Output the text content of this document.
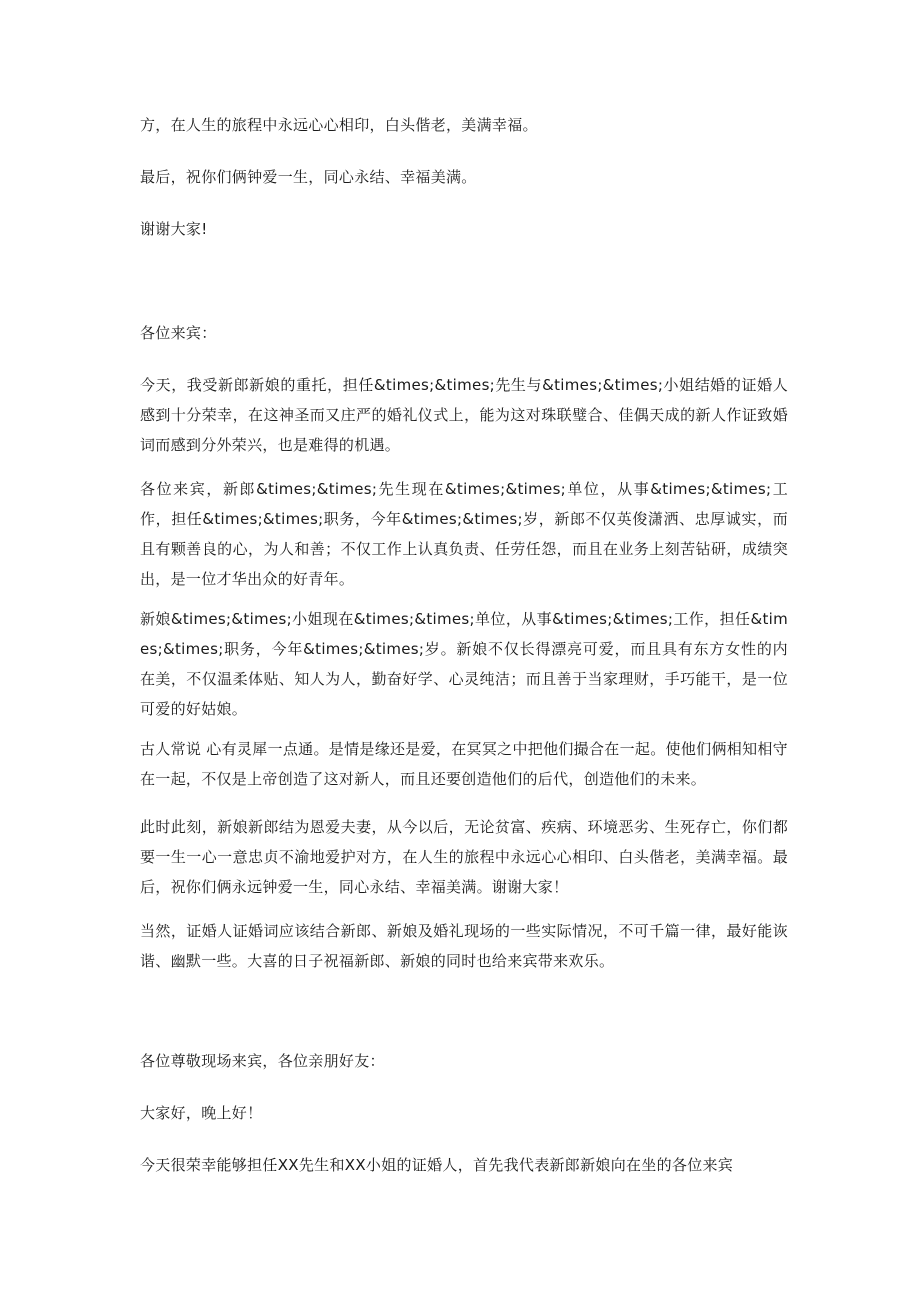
方，在人生的旅程中永远心心相印，白头偕老，美满幸福。

最后，祝你们俩钟爱一生，同心永结、幸福美满。

谢谢大家!

各位来宾：

今天，我受新郎新娘的重托，担任&times;&times;先生与&times;&times;小姐结婚的证婚人感到十分荣幸，在这神圣而又庄严的婚礼仪式上，能为这对珠联璧合、佳偶天成的新人作证致婚词而感到分外荣兴，也是难得的机遇。

各位来宾，新郎&times;&times;先生现在&times;&times;单位，从事&times;&times;工作，担任&times;&times;职务，今年&times;&times;岁，新郎不仅英俊潇洒、忠厚诚实，而且有颗善良的心，为人和善；不仅工作上认真负责、任劳任怨，而且在业务上刻苦钻研，成绩突出，是一位才华出众的好青年。

新娘&times;&times;小姐现在&times;&times;单位，从事&times;&times;工作，担任&times;&times;职务，今年&times;&times;岁。新娘不仅长得漂亮可爱，而且具有东方女性的内在美，不仅温柔体贴、知人为人，勤奋好学、心灵纯洁；而且善于当家理财，手巧能干，是一位可爱的好姑娘。

古人常说 心有灵犀一点通。是情是缘还是爱，在冥冥之中把他们撮合在一起。使他们俩相知相守在一起，不仅是上帝创造了这对新人，而且还要创造他们的后代，创造他们的未来。

此时此刻，新娘新郎结为恩爱夫妻，从今以后，无论贫富、疾病、环境恶劣、生死存亡，你们都要一生一心一意忠贞不渝地爱护对方，在人生的旅程中永远心心相印、白头偕老，美满幸福。最后，祝你们俩永远钟爱一生，同心永结、幸福美满。谢谢大家！

当然，证婚人证婚词应该结合新郎、新娘及婚礼现场的一些实际情况，不可千篇一律，最好能诙谐、幽默一些。大喜的日子祝福新郎、新娘的同时也给来宾带来欢乐。

各位尊敬现场来宾，各位亲朋好友：

大家好，晚上好！

今天很荣幸能够担任XX先生和XX小姐的证婚人，首先我代表新郎新娘向在坐的各位来宾
